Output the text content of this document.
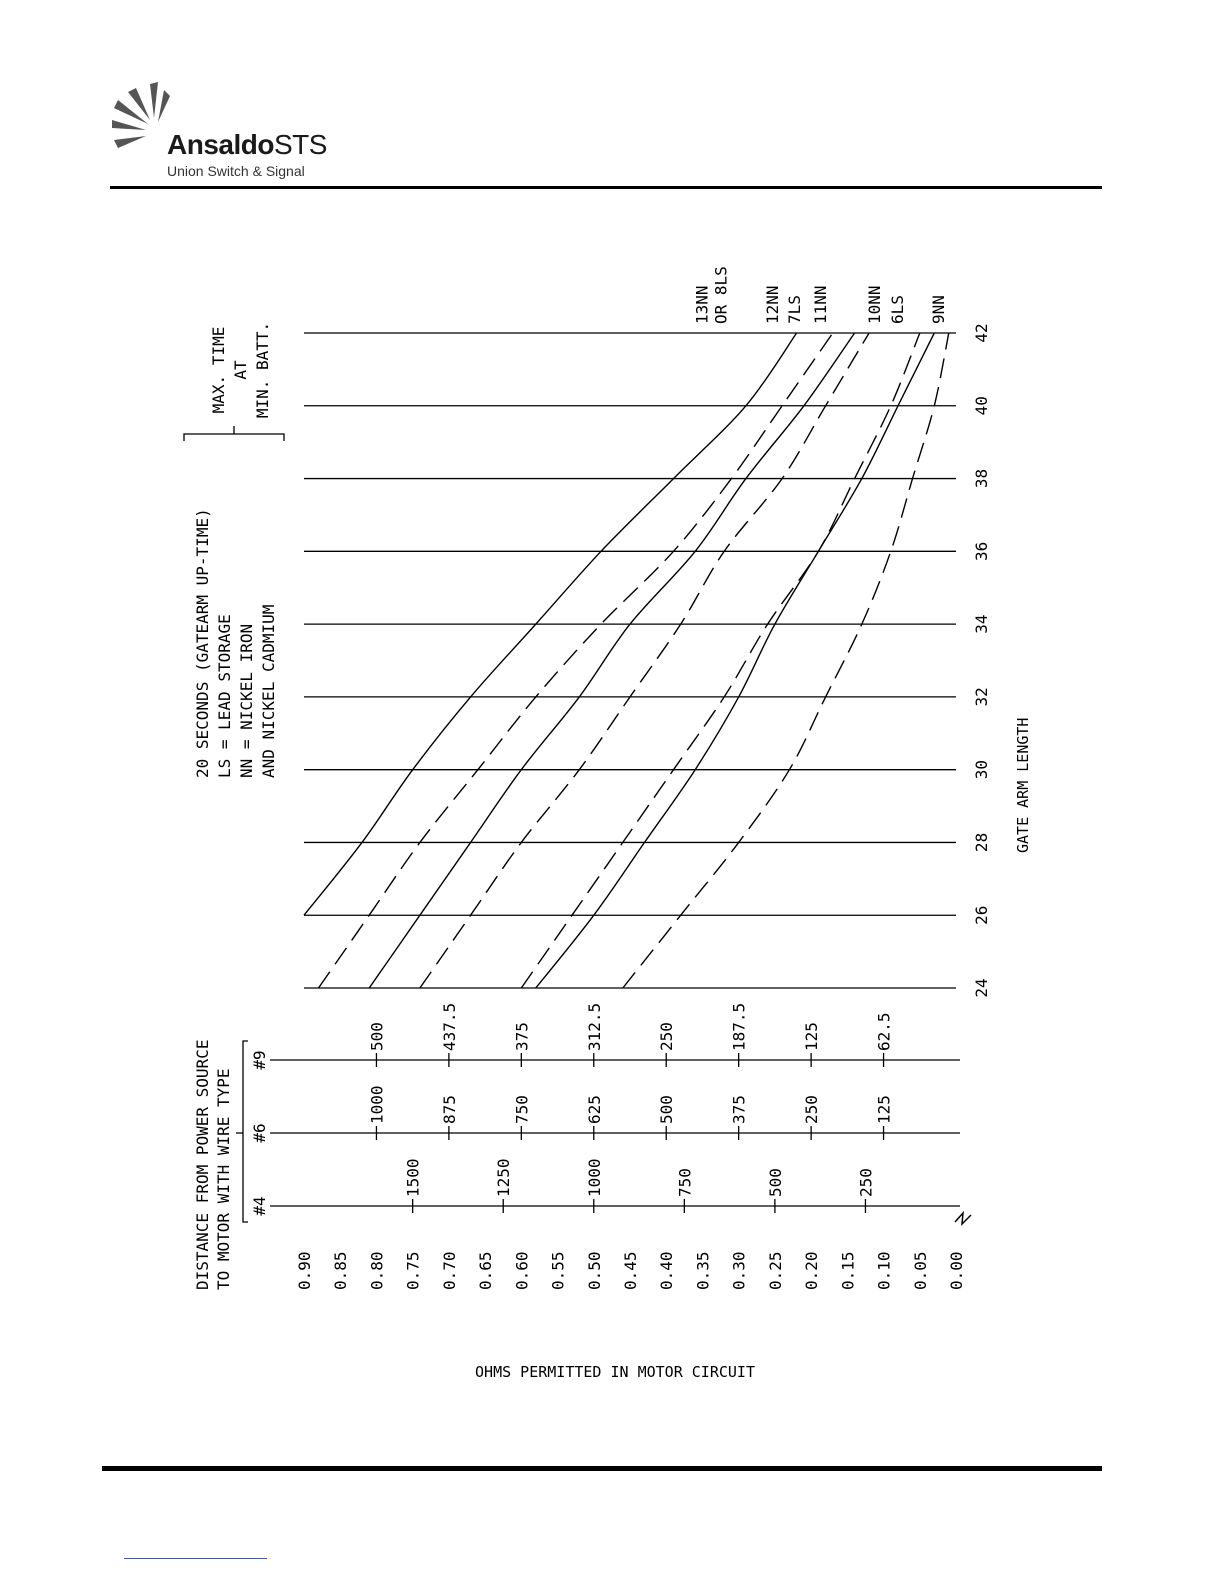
AnsaldoSTS
Union Switch & Signal
13NN OR 8LS 12NN 7LS 11NN 10NN 6LS 9NN
24
26
28
30
32
34
36
38
40
42
#9
500	437.5	375	312.5	250	187.5	125	62.5
#6
1000	875	750	625	500	375	250	125
#4
1500	1250	1000	750	500	250
DISTANCE FROM POWER SOURCE TO MOTOR WITH WIRE TYPE	0.90 0.85 0.80 0.75 0.70 0.65 0.60 0.55 0.50 0.45 0.40 0.35 0.30 0.25 0.20 0.15 0.10 0.05 0.00
20 SECONDS (GATEARM UP-TIME) LS = LEAD STORAGE NN = NICKEL IRON AND NICKEL CADMIUM
MAX. TIME AT MIN. BATT.
GATE ARM LENGTH
OHMS PERMITTED IN MOTOR CIRCUIT
